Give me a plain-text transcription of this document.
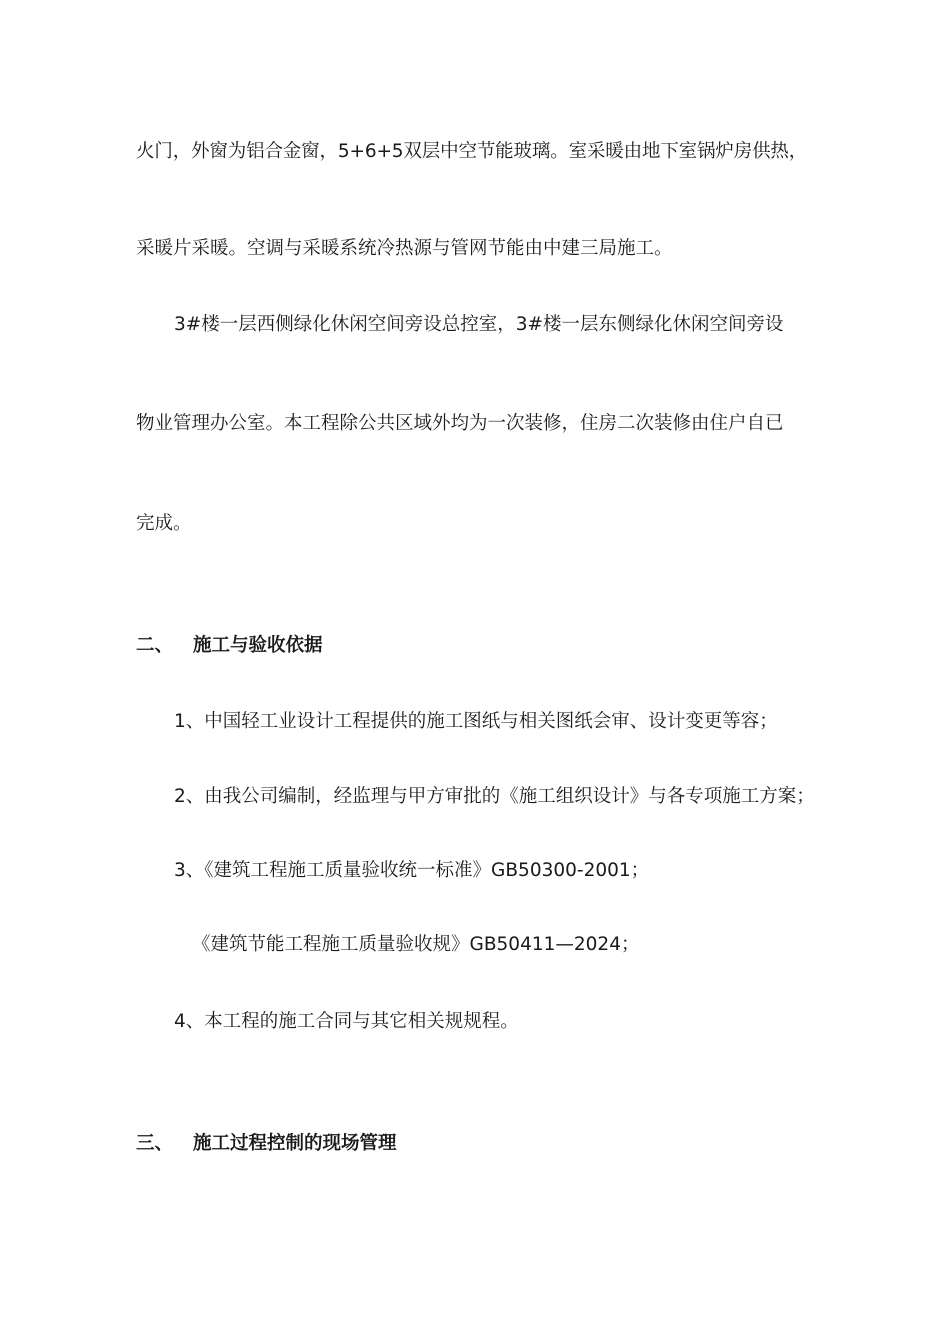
火门，外窗为铝合金窗，5+6+5双层中空节能玻璃。室采暖由地下室锅炉房供热，
采暖片采暖。空调与采暖系统冷热源与管网节能由中建三局施工。
3#楼一层西侧绿化休闲空间旁设总控室，3#楼一层东侧绿化休闲空间旁设
物业管理办公室。本工程除公共区域外均为一次装修，住房二次装修由住户自已
完成。
二、 施工与验收依据
1、中国轻工业设计工程提供的施工图纸与相关图纸会审、设计变更等容；
2、由我公司编制，经监理与甲方审批的《施工组织设计》与各专项施工方案；
3、《建筑工程施工质量验收统一标准》GB50300-2001；
《建筑节能工程施工质量验收规》GB50411—2024；
4、本工程的施工合同与其它相关规规程。
三、 施工过程控制的现场管理
